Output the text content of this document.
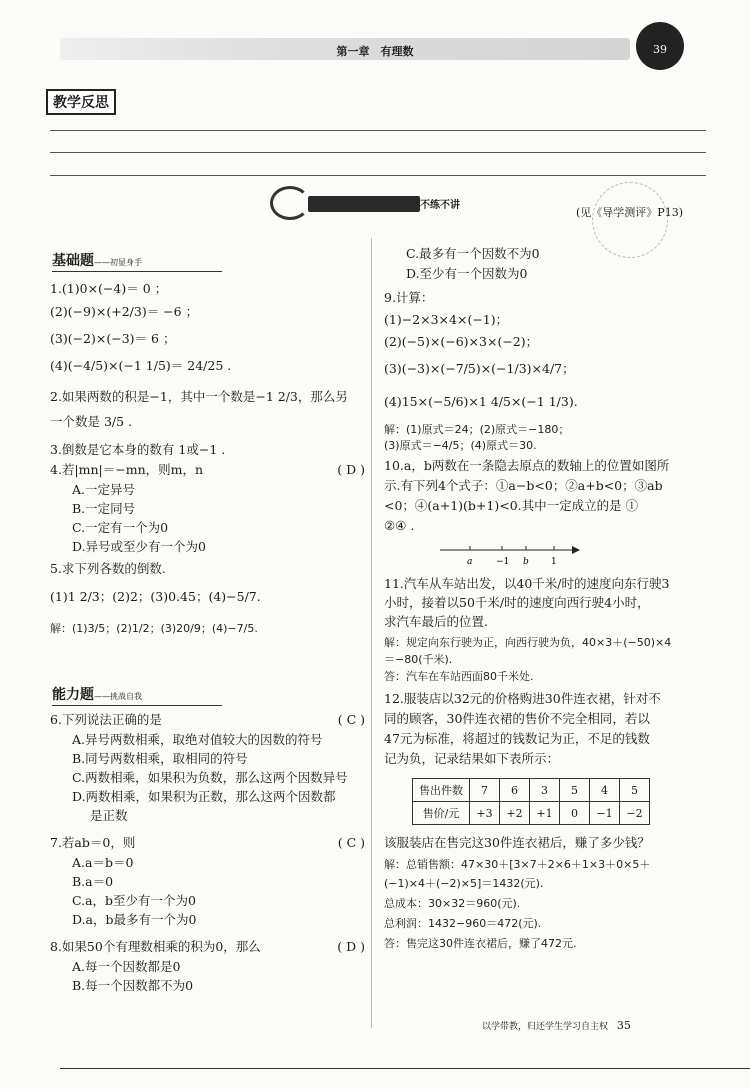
第一章　有理数	39
教学反思
不练不讲
(见《导学测评》P13)
基础题——初显身手
1.(1)0×(−4)＝ 0 ；
(2)(−9)×(+2/3)＝ −6 ；
(3)(−2)×(−3)＝ 6 ；
(4)(−4/5)×(−1 1/5)＝ 24/25 .
2.如果两数的积是−1，其中一个数是−1 2/3，那么另
一个数是 3/5 .
3.倒数是它本身的数有 1或−1 .
4.若|mn|＝−mn，则m，n	( D )
A.一定异号
B.一定同号
C.一定有一个为0
D.异号或至少有一个为0
5.求下列各数的倒数.
(1)1 2/3；(2)2；(3)0.45；(4)−5/7.
解：(1)3/5；(2)1/2；(3)20/9；(4)−7/5.
能力题——挑战自我
6.下列说法正确的是	( C )
A.异号两数相乘，取绝对值较大的因数的符号
B.同号两数相乘，取相同的符号
C.两数相乘，如果积为负数，那么这两个因数异号
D.两数相乘，如果积为正数，那么这两个因数都
是正数
7.若ab＝0，则	( C )
A.a＝b＝0
B.a＝0
C.a，b至少有一个为0
D.a，b最多有一个为0
8.如果50个有理数相乘的积为0，那么	( D )
A.每一个因数都是0
B.每一个因数都不为0
C.最多有一个因数不为0
D.至少有一个因数为0
9.计算：
(1)−2×3×4×(−1)；
(2)(−5)×(−6)×3×(−2)；
(3)(−3)×(−7/5)×(−1/3)×4/7；
(4)15×(−5/6)×1 4/5×(−1 1/3).
解：(1)原式＝24；(2)原式＝−180；
(3)原式＝−4/5；(4)原式＝30.
10.a，b两数在一条隐去原点的数轴上的位置如图所
示.有下列4个式子：①a−b<0；②a+b<0；③ab
<0；④(a+1)(b+1)<0.其中一定成立的是 ①
②④ .
a	−1 b 1
11.汽车从车站出发，以40千米/时的速度向东行驶3
小时，接着以50千米/时的速度向西行驶4小时，
求汽车最后的位置.
解：规定向东行驶为正，向西行驶为负，40×3＋(−50)×4
＝−80(千米).
答：汽车在车站西面80千米处.
12.服装店以32元的价格购进30件连衣裙，针对不
同的顾客，30件连衣裙的售价不完全相同，若以
47元为标准，将超过的钱数记为正，不足的钱数
记为负，记录结果如下表所示：
售出件数	7	6	3	5	4	5
售价/元	+3	+2	+1	0	−1	−2
该服装店在售完这30件连衣裙后，赚了多少钱？
解：总销售额：47×30＋[3×7＋2×6＋1×3＋0×5＋
(−1)×4＋(−2)×5]＝1432(元).
总成本：30×32＝960(元).
总利润：1432−960＝472(元).
答：售完这30件连衣裙后，赚了472元.
以学带教，归还学生学习自主权 35
